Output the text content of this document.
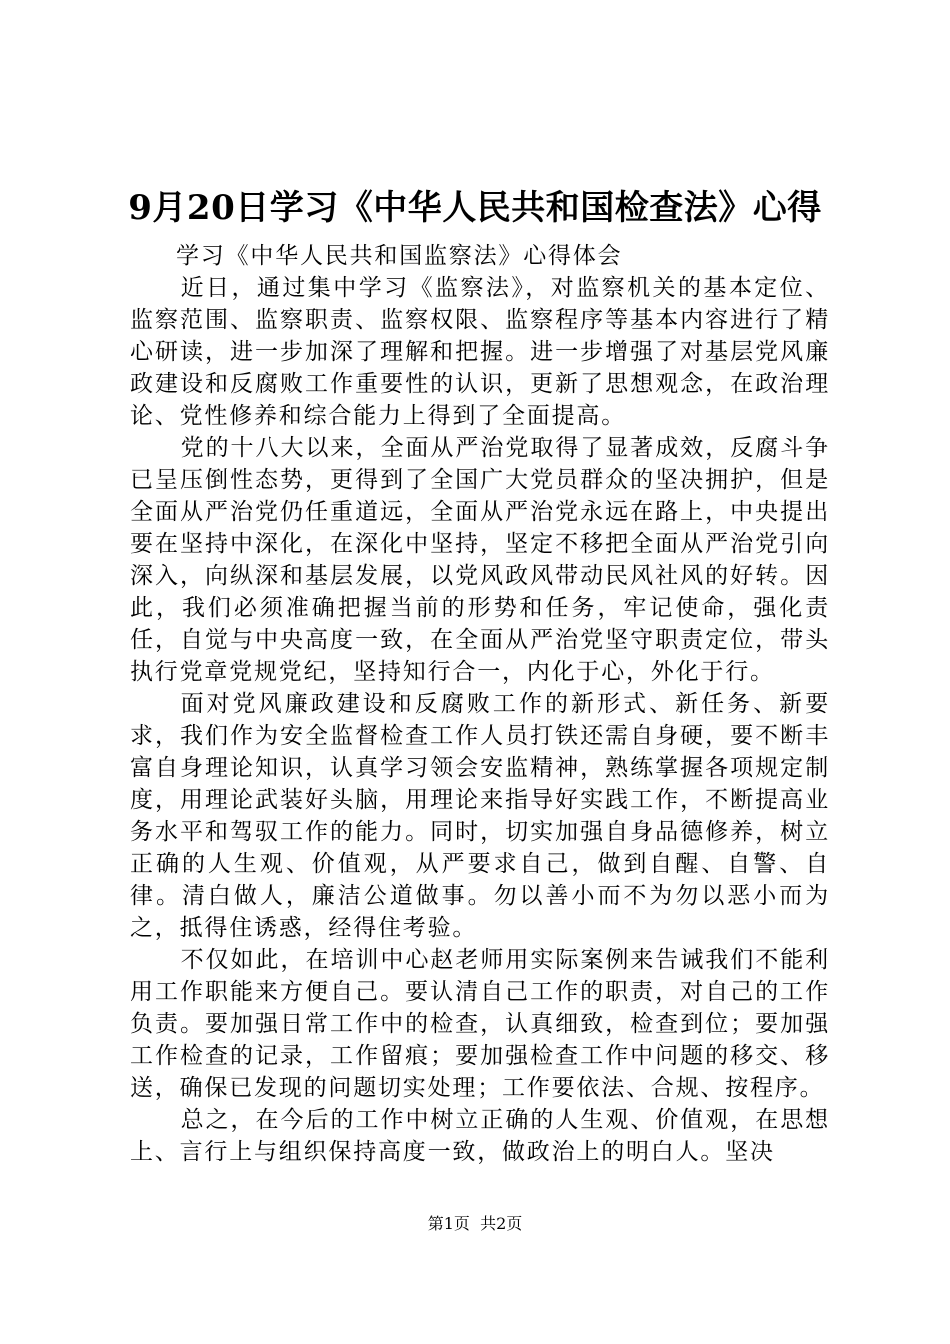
9月20日学习《中华人民共和国检查法》心得
学习《中华人民共和国监察法》心得体会

近日，通过集中学习《监察法》，对监察机关的基本定位、监察范围、监察职责、监察权限、监察程序等基本内容进行了精心研读，进一步加深了理解和把握。进一步增强了对基层党风廉政建设和反腐败工作重要性的认识，更新了思想观念，在政治理论、党性修养和综合能力上得到了全面提高。

党的十八大以来，全面从严治党取得了显著成效，反腐斗争已呈压倒性态势，更得到了全国广大党员群众的坚决拥护，但是全面从严治党仍任重道远，全面从严治党永远在路上，中央提出要在坚持中深化，在深化中坚持，坚定不移把全面从严治党引向深入，向纵深和基层发展，以党风政风带动民风社风的好转。因此，我们必须准确把握当前的形势和任务，牢记使命，强化责任，自觉与中央高度一致，在全面从严治党坚守职责定位，带头执行党章党规党纪，坚持知行合一，内化于心，外化于行。

面对党风廉政建设和反腐败工作的新形式、新任务、新要求，我们作为安全监督检查工作人员打铁还需自身硬，要不断丰富自身理论知识，认真学习领会安监精神，熟练掌握各项规定制度，用理论武装好头脑，用理论来指导好实践工作，不断提高业务水平和驾驭工作的能力。同时，切实加强自身品德修养，树立正确的人生观、价值观，从严要求自己，做到自醒、自警、自律。清白做人，廉洁公道做事。勿以善小而不为勿以恶小而为之，抵得住诱惑，经得住考验。

不仅如此，在培训中心赵老师用实际案例来告诫我们不能利用工作职能来方便自己。要认清自己工作的职责，对自己的工作负责。要加强日常工作中的检查，认真细致，检查到位；要加强工作检查的记录，工作留痕；要加强检查工作中问题的移交、移送，确保已发现的问题切实处理；工作要依法、合规、按程序。

总之，在今后的工作中树立正确的人生观、价值观，在思想上、言行上与组织保持高度一致，做政治上的明白人。坚决

第1页  共2页
